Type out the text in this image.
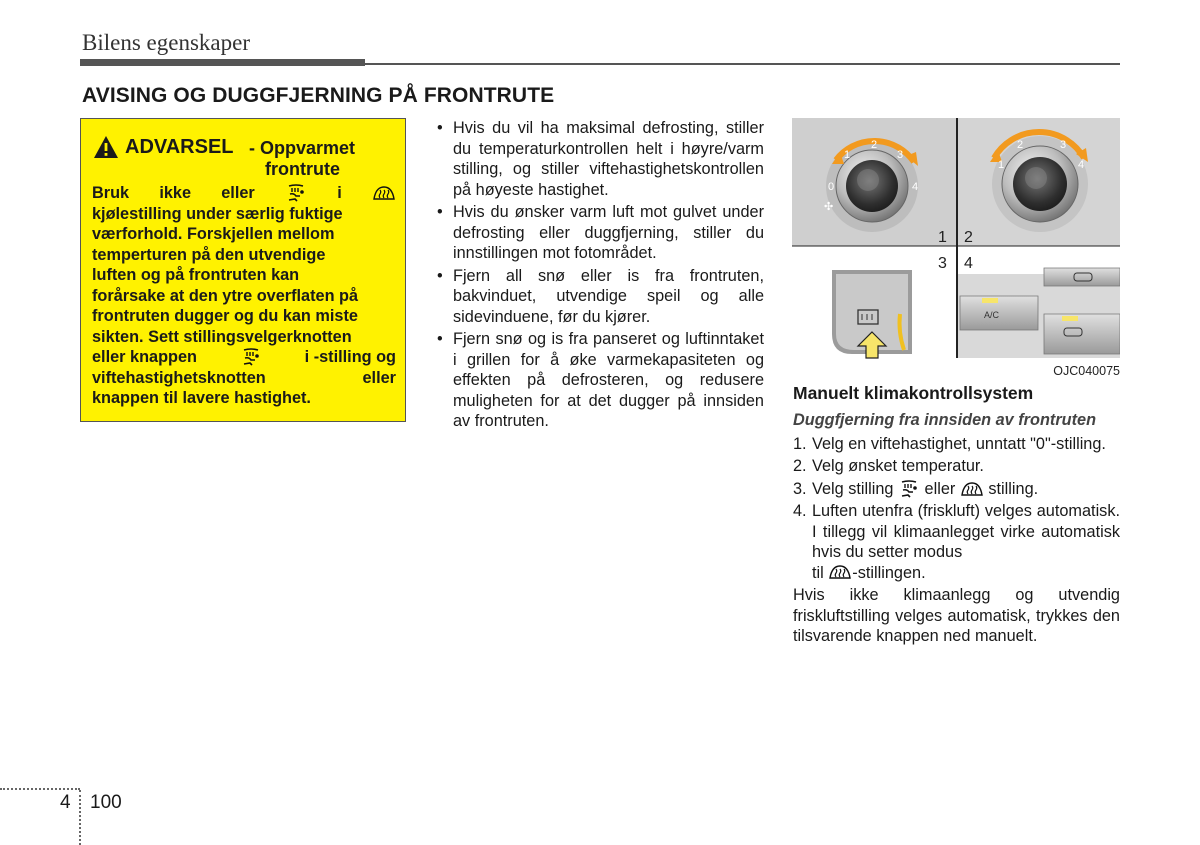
Bilens egenskaper
AVISING OG DUGGFJERNING PÅ FRONTRUTE
ADVARSEL - Oppvarmet
frontrute
Bruk ikke eller	i
kjølestilling under særlig fuktige
værforhold. Forskjellen mellom
temperturen på den utvendige
luften og på frontruten kan
forårsake at den ytre overflaten på
frontruten dugger og du kan miste
sikten. Sett stillingsvelgerknotten
eller knappen	i -stilling og
viftehastighetsknotten	eller
knappen til lavere hastighet.
• Hvis du vil ha maksimal defrosting, stiller du temperaturkontrollen helt i høyre/varm stilling, og stiller viftehastighetskontrollen på høyeste hastighet.
• Hvis du ønsker varm luft mot gulvet under defrosting eller duggfjerning, stiller du innstillingen mot fotområdet.
• Fjern all snø eller is fra frontruten, bakvinduet, utvendige speil og alle sidevinduene, før du kjører.
• Fjern snø og is fra panseret og luftinntaket i grillen for å øke varmekapasiteten og effekten på defrosteren, og redusere muligheten for at det dugger på innsiden av frontruten.
0
1
2
3
4
✣
1
2	3
4
1 2
3 4
A/C
OJC040075
Manuelt klimakontrollsystem
Duggfjerning fra innsiden av frontruten
1. Velg en viftehastighet, unntatt "0"-stilling.
2. Velg ønsket temperatur.
3. Velg stilling eller stilling.
4. Luften utenfra (friskluft) velges automatisk. I tillegg vil klimaanlegget virke automatisk hvis du setter modus
til -stillingen.
Hvis ikke klimaanlegg og utvendig friskluftstilling velges automatisk, trykkes den tilsvarende knappen ned manuelt.
4 100
